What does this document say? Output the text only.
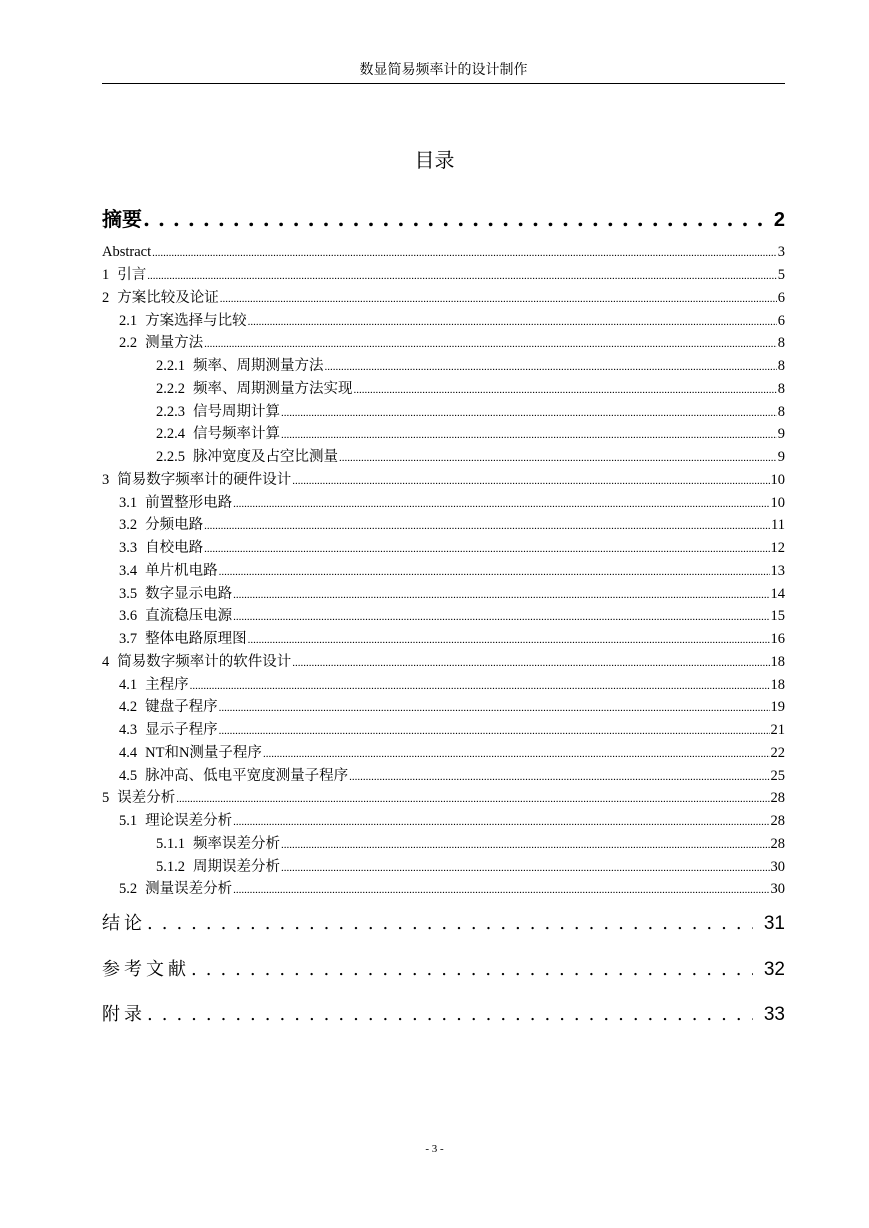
数显简易频率计的设计制作
目录
摘要 .....	2
Abstract .....	3
1 引言 .....	5
2 方案比较及论证 .....	6
2.1 方案选择与比较 .....	6
2.2 测量方法 .....	8
2.2.1 频率、周期测量方法 .....	8
2.2.2 频率、周期测量方法实现 .....	8
2.2.3 信号周期计算 .....	8
2.2.4 信号频率计算 .....	9
2.2.5 脉冲宽度及占空比测量 .....	9
3 简易数字频率计的硬件设计 .....	10
3.1 前置整形电路 .....	10
3.2 分频电路 .....	11
3.3 自校电路 .....	12
3.4 单片机电路 .....	13
3.5 数字显示电路 .....	14
3.6 直流稳压电源 .....	15
3.7 整体电路原理图 .....	16
4 简易数字频率计的软件设计 .....	18
4.1 主程序 .....	18
4.2 键盘子程序 .....	19
4.3 显示子程序 .....	21
4.4 NT和N测量子程序 .....	22
4.5 脉冲高、低电平宽度测量子程序 .....	25
5 误差分析 .....	28
5.1 理论误差分析 .....	28
5.1.1 频率误差分析 .....	28
5.1.2 周期误差分析 .....	30
5.2 测量误差分析 .....	30
结论 .....	31
参考文献 .....	32
附录 .....	33
- 3 -
